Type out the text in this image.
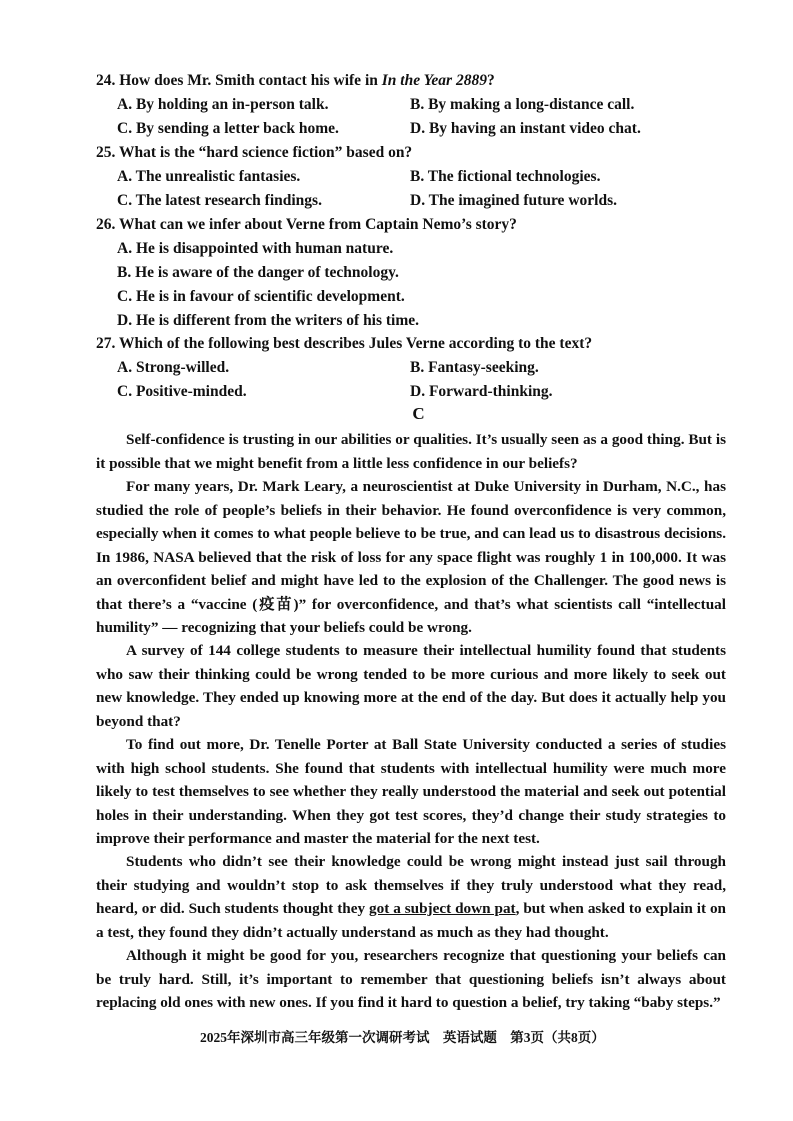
24. How does Mr. Smith contact his wife in In the Year 2889?
A. By holding an in-person talk.	B. By making a long-distance call.
C. By sending a letter back home.	D. By having an instant video chat.
25. What is the “hard science fiction” based on?
A. The unrealistic fantasies.	B. The fictional technologies.
C. The latest research findings.	D. The imagined future worlds.
26. What can we infer about Verne from Captain Nemo’s story?
A. He is disappointed with human nature.
B. He is aware of the danger of technology.
C. He is in favour of scientific development.
D. He is different from the writers of his time.
27. Which of the following best describes Jules Verne according to the text?
A. Strong-willed.	B. Fantasy-seeking.
C. Positive-minded.	D. Forward-thinking.
C
Self-confidence is trusting in our abilities or qualities. It’s usually seen as a good thing. But is it possible that we might benefit from a little less confidence in our beliefs?
For many years, Dr. Mark Leary, a neuroscientist at Duke University in Durham, N.C., has studied the role of people’s beliefs in their behavior. He found overconfidence is very common, especially when it comes to what people believe to be true, and can lead us to disastrous decisions. In 1986, NASA believed that the risk of loss for any space flight was roughly 1 in 100,000. It was an overconfident belief and might have led to the explosion of the Challenger. The good news is that there’s a “vaccine (疫苗)” for overconfidence, and that’s what scientists call “intellectual humility” — recognizing that your beliefs could be wrong.
A survey of 144 college students to measure their intellectual humility found that students who saw their thinking could be wrong tended to be more curious and more likely to seek out new knowledge. They ended up knowing more at the end of the day. But does it actually help you beyond that?
To find out more, Dr. Tenelle Porter at Ball State University conducted a series of studies with high school students. She found that students with intellectual humility were much more likely to test themselves to see whether they really understood the material and seek out potential holes in their understanding. When they got test scores, they’d change their study strategies to improve their performance and master the material for the next test.
Students who didn’t see their knowledge could be wrong might instead just sail through their studying and wouldn’t stop to ask themselves if they truly understood what they read, heard, or did. Such students thought they got a subject down pat, but when asked to explain it on a test, they found they didn’t actually understand as much as they had thought.
Although it might be good for you, researchers recognize that questioning your beliefs can be truly hard. Still, it’s important to remember that questioning beliefs isn’t always about replacing old ones with new ones. If you find it hard to question a belief, try taking “baby steps.”
2025年深圳市高三年级第一次调研考试 英语试题 第3页（共8页）
